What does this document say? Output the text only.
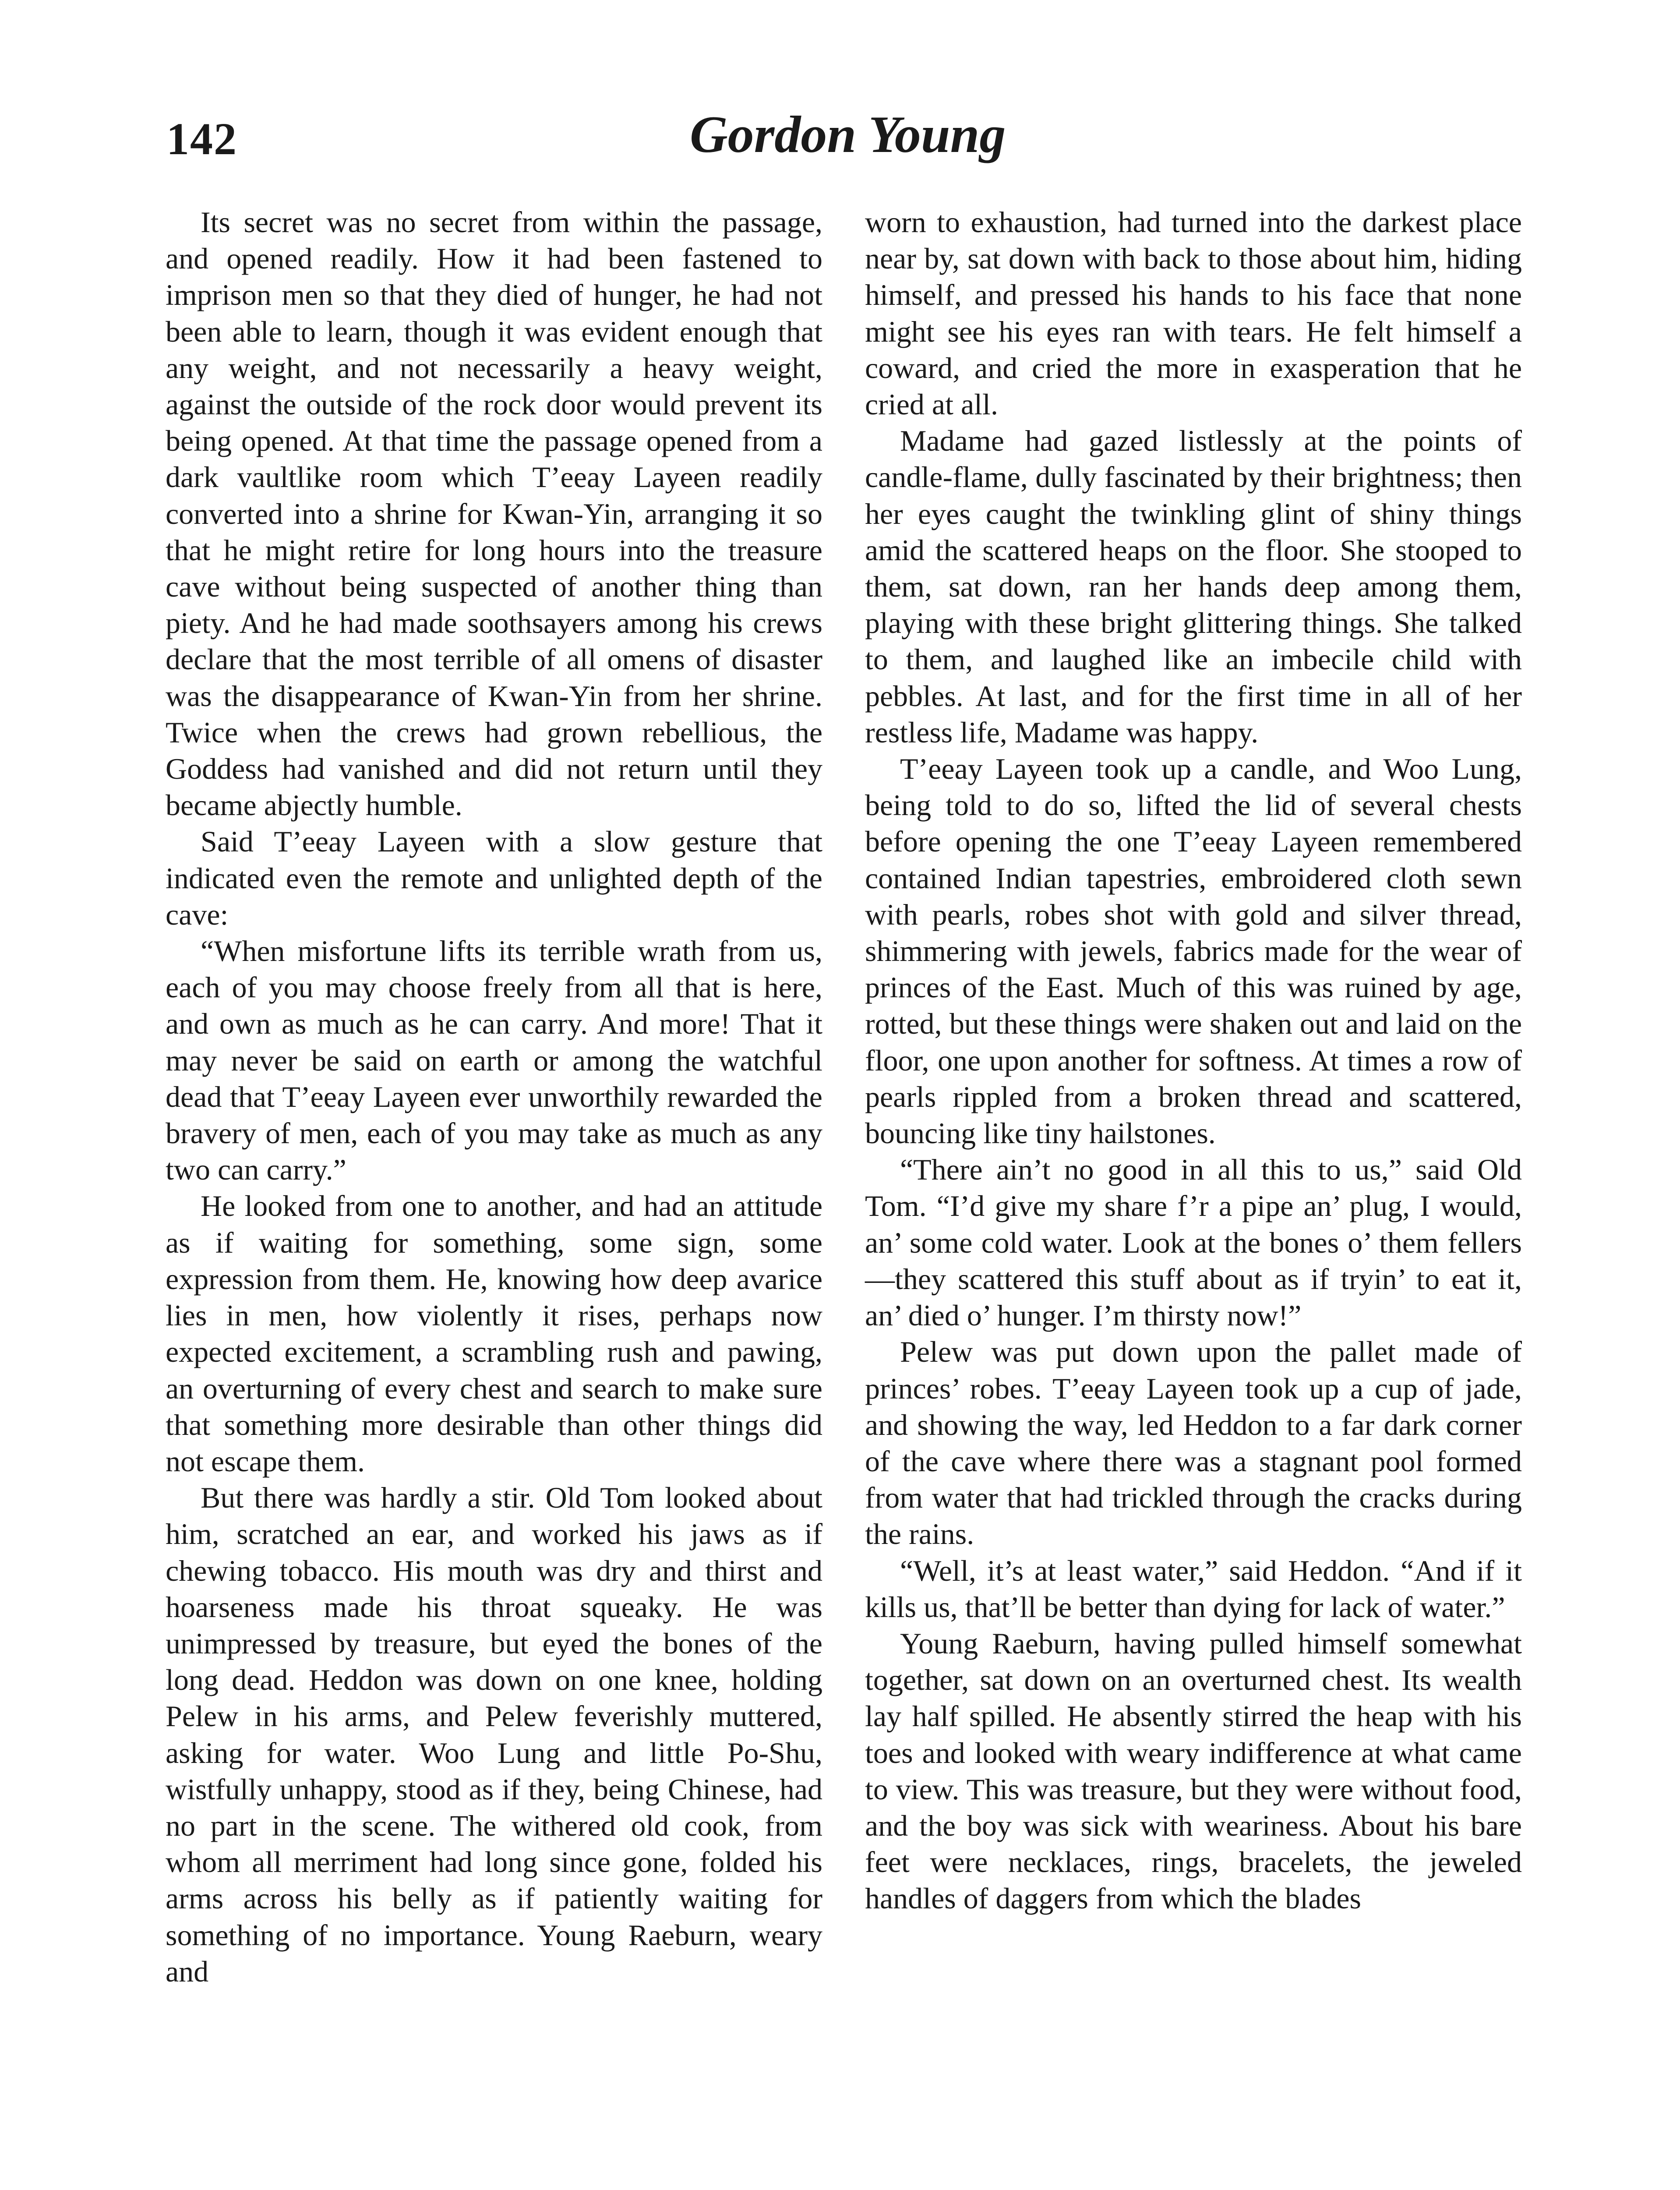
142	Gordon Young

Its secret was no secret from within the passage, and opened readily. How it had been fastened to imprison men so that they died of hunger, he had not been able to learn, though it was evident enough that any weight, and not necessarily a heavy weight, against the outside of the rock door would prevent its being opened. At that time the passage opened from a dark vaultlike room which T’eeay Layeen readily converted into a shrine for Kwan-Yin, arranging it so that he might retire for long hours into the treasure cave without being suspected of another thing than piety. And he had made soothsayers among his crews declare that the most terrible of all omens of disaster was the disappearance of Kwan-Yin from her shrine. Twice when the crews had grown rebellious, the Goddess had vanished and did not return until they became abjectly humble.

Said T’eeay Layeen with a slow gesture that indicated even the remote and unlighted depth of the cave:

“When misfortune lifts its terrible wrath from us, each of you may choose freely from all that is here, and own as much as he can carry. And more! That it may never be said on earth or among the watchful dead that T’eeay Layeen ever unworthily rewarded the bravery of men, each of you may take as much as any two can carry.”

He looked from one to another, and had an attitude as if waiting for something, some sign, some expression from them. He, knowing how deep avarice lies in men, how violently it rises, perhaps now expected excitement, a scrambling rush and pawing, an overturning of every chest and search to make sure that something more desirable than other things did not escape them.

But there was hardly a stir. Old Tom looked about him, scratched an ear, and worked his jaws as if chewing tobacco. His mouth was dry and thirst and hoarseness made his throat squeaky. He was unimpressed by treasure, but eyed the bones of the long dead. Heddon was down on one knee, holding Pelew in his arms, and Pelew feverishly muttered, asking for water. Woo Lung and little Po-Shu, wistfully unhappy, stood as if they, being Chinese, had no part in the scene. The withered old cook, from whom all merriment had long since gone, folded his arms across his belly as if patiently waiting for something of no importance. Young Raeburn, weary and

worn to exhaustion, had turned into the darkest place near by, sat down with back to those about him, hiding himself, and pressed his hands to his face that none might see his eyes ran with tears. He felt himself a coward, and cried the more in exasperation that he cried at all.

Madame had gazed listlessly at the points of candle-flame, dully fascinated by their brightness; then her eyes caught the twinkling glint of shiny things amid the scattered heaps on the floor. She stooped to them, sat down, ran her hands deep among them, playing with these bright glittering things. She talked to them, and laughed like an imbecile child with pebbles. At last, and for the first time in all of her restless life, Madame was happy.

T’eeay Layeen took up a candle, and Woo Lung, being told to do so, lifted the lid of several chests before opening the one T’eeay Layeen remembered contained Indian tapestries, embroidered cloth sewn with pearls, robes shot with gold and silver thread, shimmering with jewels, fabrics made for the wear of princes of the East. Much of this was ruined by age, rotted, but these things were shaken out and laid on the floor, one upon another for softness. At times a row of pearls rippled from a broken thread and scattered, bouncing like tiny hailstones.

“There ain’t no good in all this to us,” said Old Tom. “I’d give my share f’r a pipe an’ plug, I would, an’ some cold water. Look at the bones o’ them fellers—they scattered this stuff about as if tryin’ to eat it, an’ died o’ hunger. I’m thirsty now!”

Pelew was put down upon the pallet made of princes’ robes. T’eeay Layeen took up a cup of jade, and showing the way, led Heddon to a far dark corner of the cave where there was a stagnant pool formed from water that had trickled through the cracks during the rains.

“Well, it’s at least water,” said Heddon. “And if it kills us, that’ll be better than dying for lack of water.”

Young Raeburn, having pulled himself somewhat together, sat down on an overturned chest. Its wealth lay half spilled. He absently stirred the heap with his toes and looked with weary indifference at what came to view. This was treasure, but they were without food, and the boy was sick with weariness. About his bare feet were necklaces, rings, bracelets, the jeweled handles of daggers from which the blades
